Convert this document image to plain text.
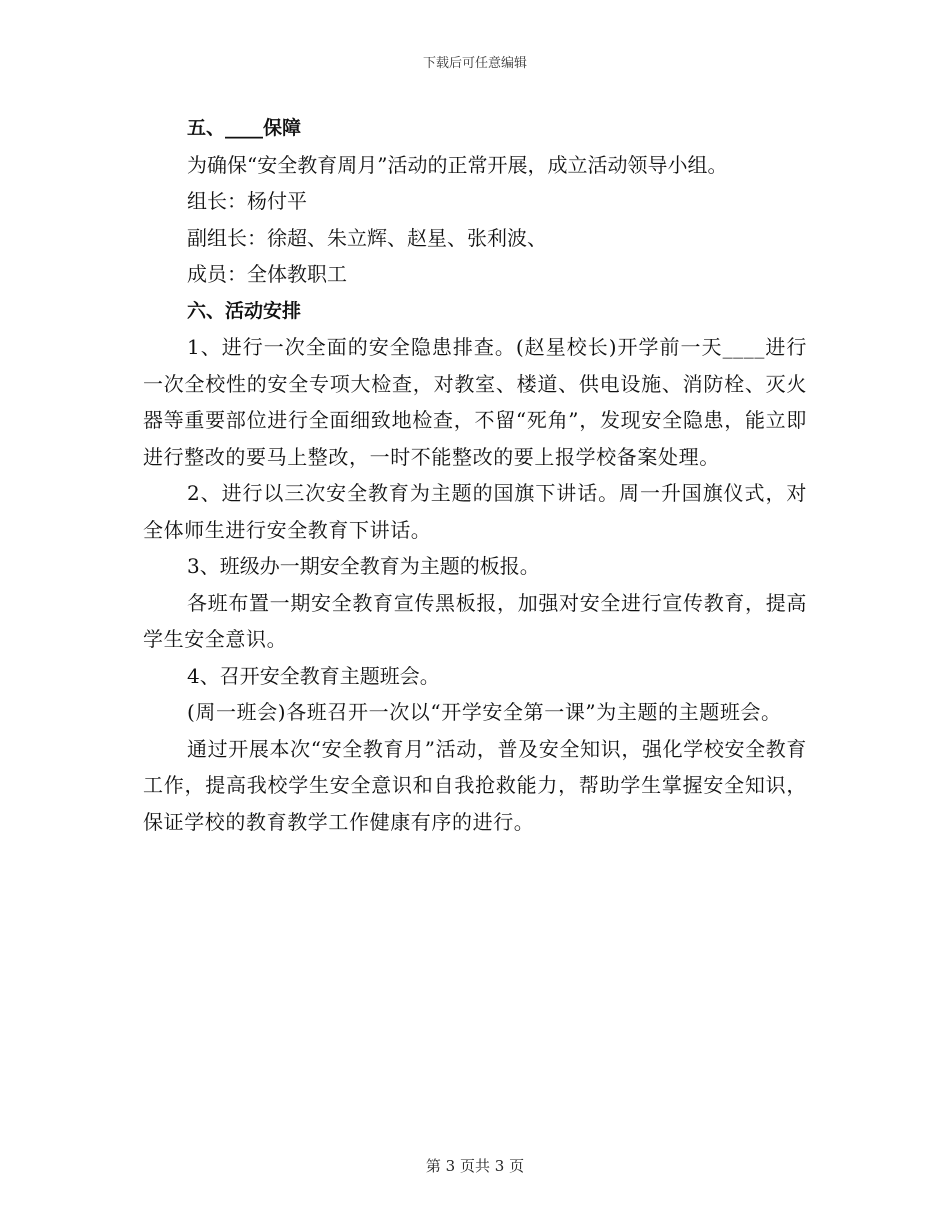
下载后可任意编辑

五、____保障

为确保“安全教育周月”活动的正常开展，成立活动领导小组。

组长：杨付平

副组长：徐超、朱立辉、赵星、张利波、

成员：全体教职工

六、活动安排

1、进行一次全面的安全隐患排查。(赵星校长)开学前一天____进行一次全校性的安全专项大检查，对教室、楼道、供电设施、消防栓、灭火器等重要部位进行全面细致地检查，不留“死角”，发现安全隐患，能立即进行整改的要马上整改，一时不能整改的要上报学校备案处理。

2、进行以三次安全教育为主题的国旗下讲话。周一升国旗仪式，对全体师生进行安全教育下讲话。

3、班级办一期安全教育为主题的板报。

各班布置一期安全教育宣传黑板报，加强对安全进行宣传教育，提高学生安全意识。

4、召开安全教育主题班会。

(周一班会)各班召开一次以“开学安全第一课”为主题的主题班会。

通过开展本次“安全教育月”活动，普及安全知识，强化学校安全教育工作，提高我校学生安全意识和自我抢救能力，帮助学生掌握安全知识，保证学校的教育教学工作健康有序的进行。

第 3 页共 3 页
